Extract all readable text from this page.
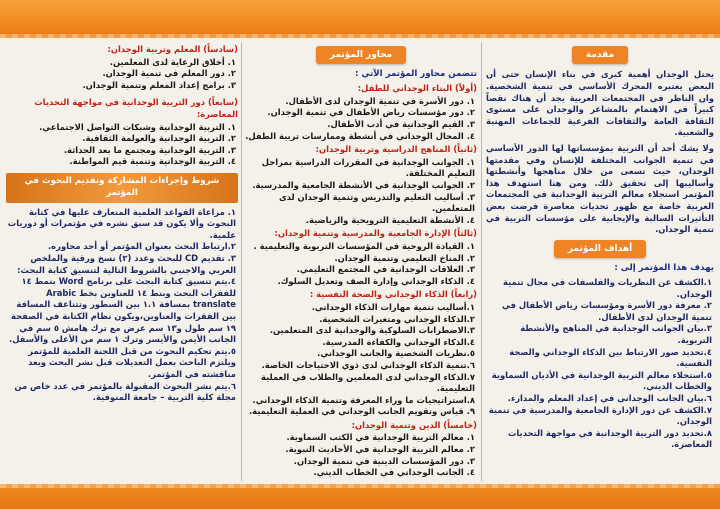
مقدمة

يحتل الوجدان أهمية كبرى في بناء الإنسان حتى أن البعض يعتبره المحرك الأساسي في تنمية الشخصية. وان الناظر في المجتمعات العربية يجد أن هناك نقصاً كبيراً في الاهتمام بالمشاعر والوجدان على مستوى الثقافة العامة والثقافات الفرعية للجماعات المهنية والشعبية.

ولا يشك أحد أن التربية بمؤسساتها لها الدور الأساسي في تنمية الجوانب المختلفة للإنسان وفي مقدمتها الوجدان، حيث تسعى من خلال مناهجها وأنشطتها وأساليبها إلى تحقيق ذلك. ومن هنا استهدف هذا المؤتمر استجلاء معالم التربية الوجدانية في المجتمعات العربية خاصة مع ظهور تحديات معاصرة فرضت بعض التأثيرات السالبة والإيجابية على مؤسسات التربية في تنمية الوجدان.

أهداف المؤتمر
يهدف هذا المؤتمر إلى :
١.الكشف عن النظريات والفلسفات في مجال تنمية الوجدان.
٢. معرفة دور الأسرة ومؤسسات رياض الأطفال في تنمية الوجدان لدى الأطفال.
٣.بيان الجوانب الوجدانية في المناهج والأنشطة التربوية.
٤.تحديد صور الارتباط بين الذكاء الوجداني والصحة النفسية.
٥.استجلاء معالم التربية الوجدانية في الأديان السماوية والخطاب الديني.
٦.بيان الجانب الوجداني في إعداد المعلم والمدارء.
٧.الكشف عن دور الإدارة الجامعية والمدرسية في تنمية الوجدان.
٨.تحديد دور التربية الوجدانية في مواجهة التحديات المعاصرة.
محاور المؤتمر
تتضمن محاور المؤتمر الآتي :
(أولاً) البناء الوجداني للطفل:
١. دور الأسرة في تنمية الوجدان لدى الأطفال.
٢. دور مؤسسات رياض الأطفال في تنمية الوجدان.
٣. القيم الوجدانية في أدب الأطفال.
٤. المجال الوجداني في أنشطة وممارسات تربية الطفل.
(ثانياً) المناهج الدراسية وتربية الوجدان:
١. الجوانب الوجدانية في المقررات الدراسية بمراحل التعليم المختلفة.
٢. الجوانب الوجدانية في الأنشطة الجامعية والمدرسية.
٣. أساليب التعليم والتدريس وتنمية الوجدان لدى المتعلمين.
٤. الأنشطة التعليمية الترويحية والرياضية.
(ثالثاً) الإدارة الجامعية والمدرسية وتنمية الوجدان:
١. القيادة الروحية في المؤسسات التربوية والتعليمية .
٢. المناخ التعليمي وتنمية الوجدان.
٣. العلاقات الوجدانية في المجتمع التعليمي.
٤. الذكاء الوجداني وإدارة الصف وتعديل السلوك.
(رابعاً) الذكاء الوجداني والصحة النفسية :
١.أساليب تنمية مهارات الذكاء الوجداني.
٢.الذكاء الوجداني ومتغيرات الشخصية.
٣.الاضطرابات السلوكية والوجدانية لدى المتعلمين.
٤.الذكاء الوجداني والكفاءة المدرسية.
٥.نظريات الشخصية والجانب الوجداني.
٦.تنمية الذكاء الوجداني لدى ذوي الاحتياجات الخاصة.
٧.الذكاء الوجداني لدى المعلمين والطلاب في العملية التعليمية.
٨.استراتيجيات ما وراء المعرفة وتنمية الذكاء الوجداني.
٩. قياس وتقويم الجانب الوجداني في العملية التعليمية.
(خامساً) الدين وتنمية الوجدان:
١. معالم التربية الوجدانية في الكتب السماوية.
٢. معالم التربية الوجدانية في الأحاديث النبوية.
٣. دور المؤسسات الدينية في تنمية الوجدان.
٤. الجانب الوجداني في الخطاب الديني.
(سادساً) المعلم وتربية الوجدان:
١. أخلاق الرعاية لدى المعلمين.
٢. دور المعلم في تنمية الوجدان.
٣. برامج إعداد المعلم وتنمية الوجدان.
(سابعاً) دور التربية الوجدانية في مواجهة التحديات المعاصرة:
١. التربية الوجدانية وشبكات التواصل الاجتماعي.
٢. التربية الوجدانية والعولمة الثقافية.
٣. التربية الوجدانية ومجتمع ما بعد الحداثة.
٤. التربية الوجدانية وتنمية قيم المواطنة.
شروط وإجراءات المشاركة وتقديم البحوث في المؤتمر
١. مراعاة القواعد العلمية المتعارف عليها في كتابة البحوث وألا يكون قد سبق نشره في مؤتمرات أو دوريات علمية.
٢.ارتباط البحث بعنوان المؤتمر أو أحد محاوره.
٣. تقديم CD للبحث وعدد (٢) نسخ ورقية والملخص العربي والاجنبي بالشروط التالية لتنسيق كتابة البحث:
٤.يتم تنسيق كتابة البحث على برنامج Word بنمط ١٤ للفقرات البحث وبنط ١٤ للعناوين بخط Arabic translate بمسافة ١.١ بين السطور وتتناعف المسافة بين الفقرات والعناوين،ويكون نظام الكتابة في الصفحة ١٩ سم طول و١٣ سم عرض مع ترك هامش ٥ سم في الجانب الأيمن والأيسر وترك ١ سم من الأعلى والأسفل.
٥.يتم تحكيم البحوث من قبل اللجنة العلمية للمؤتمر ويلتزم الباحث بعمل التعديلات قبل نشر البحث وبعد مناقشته في المؤتمر.
٦.يتم نشر البحوث المقبولة بالمؤتمر في عدد خاص من مجلة كلية التربية – جامعة المنوفية.
